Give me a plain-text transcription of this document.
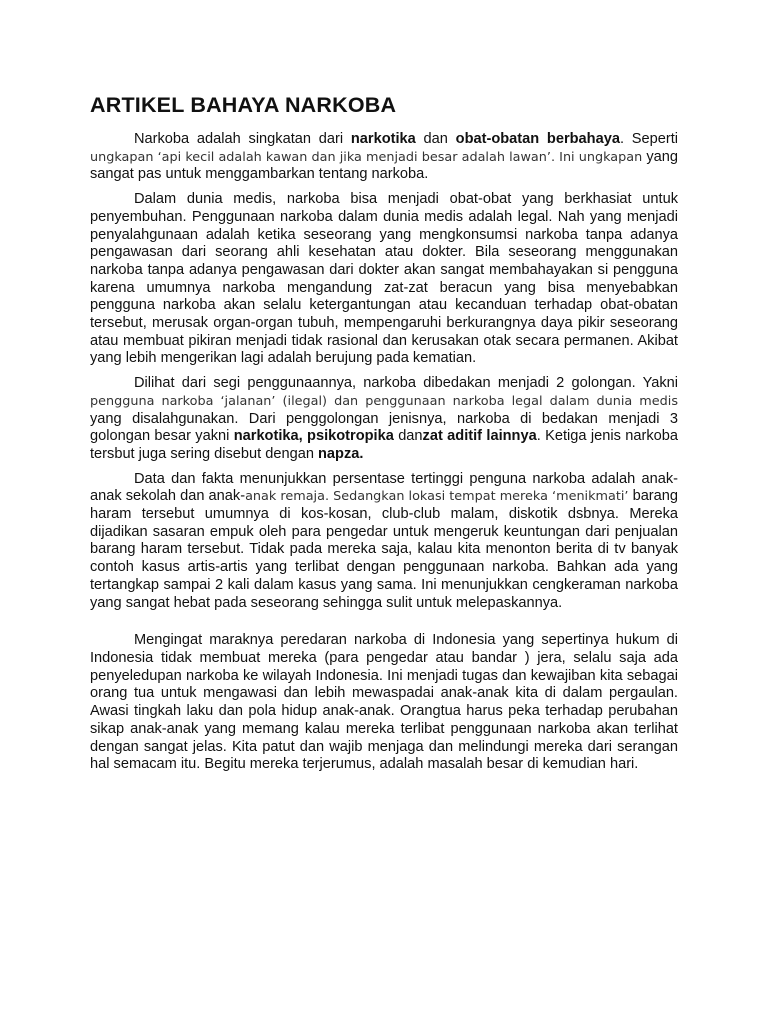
ARTIKEL BAHAYA NARKOBA

Narkoba adalah singkatan dari narkotika dan obat-obatan berbahaya. Seperti ungkapan ‘api kecil adalah kawan dan jika menjadi besar adalah lawan’. Ini ungkapan yang sangat pas untuk menggambarkan tentang narkoba.

Dalam dunia medis, narkoba bisa menjadi obat-obat yang berkhasiat untuk penyembuhan. Penggunaan narkoba dalam dunia medis adalah legal. Nah yang menjadi penyalahgunaan adalah ketika seseorang yang mengkonsumsi narkoba tanpa adanya pengawasan dari seorang ahli kesehatan atau dokter. Bila seseorang menggunakan narkoba tanpa adanya pengawasan dari dokter akan sangat membahayakan si pengguna karena umumnya narkoba mengandung zat-zat beracun yang bisa menyebabkan pengguna narkoba akan selalu ketergantungan atau kecanduan terhadap obat-obatan tersebut, merusak organ-organ tubuh, mempengaruhi berkurangnya daya pikir seseorang atau membuat pikiran menjadi tidak rasional dan kerusakan otak secara permanen. Akibat yang lebih mengerikan lagi adalah berujung pada kematian.

Dilihat dari segi penggunaannya, narkoba dibedakan menjadi 2 golongan. Yakni pengguna narkoba ‘jalanan’ (ilegal) dan penggunaan narkoba legal dalam dunia medis yang disalahgunakan. Dari penggolongan jenisnya, narkoba di bedakan menjadi 3 golongan besar yakni narkotika, psikotropika danzat aditif lainnya. Ketiga jenis narkoba tersbut juga sering disebut dengan napza.

Data dan fakta menunjukkan persentase tertinggi penguna narkoba adalah anak-anak sekolah dan anak-anak remaja. Sedangkan lokasi tempat mereka ‘menikmati’ barang haram tersebut umumnya di kos-kosan, club-club malam, diskotik dsbnya. Mereka dijadikan sasaran empuk oleh para pengedar untuk mengeruk keuntungan dari penjualan barang haram tersebut. Tidak pada mereka saja, kalau kita menonton berita di tv banyak contoh kasus artis-artis yang terlibat dengan penggunaan narkoba. Bahkan ada yang tertangkap sampai 2 kali dalam kasus yang sama. Ini menunjukkan cengkeraman narkoba yang sangat hebat pada seseorang sehingga sulit untuk melepaskannya.

Mengingat maraknya peredaran narkoba di Indonesia yang sepertinya hukum di Indonesia tidak membuat mereka (para pengedar atau bandar ) jera, selalu saja ada penyeledupan narkoba ke wilayah Indonesia. Ini menjadi tugas dan kewajiban kita sebagai orang tua untuk mengawasi dan lebih mewaspadai anak-anak kita di dalam pergaulan. Awasi tingkah laku dan pola hidup anak-anak. Orangtua harus peka terhadap perubahan sikap anak-anak yang memang kalau mereka terlibat penggunaan narkoba akan terlihat dengan sangat jelas. Kita patut dan wajib menjaga dan melindungi mereka dari serangan hal semacam itu. Begitu mereka terjerumus, adalah masalah besar di kemudian hari.
